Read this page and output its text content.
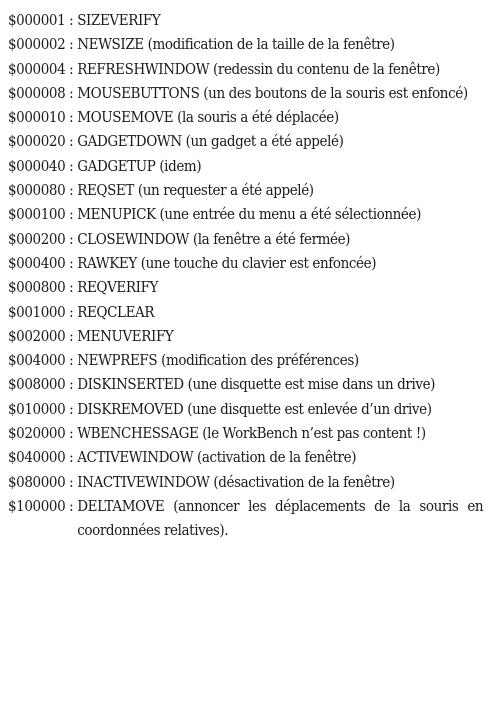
$000001 : SIZEVERIFY
$000002 : NEWSIZE (modification de la taille de la fenêtre)
$000004 : REFRESHWINDOW (redessin du contenu de la fenêtre)
$000008 : MOUSEBUTTONS (un des boutons de la souris est enfoncé)
$000010 : MOUSEMOVE (la souris a été déplacée)
$000020 : GADGETDOWN (un gadget a été appelé)
$000040 : GADGETUP (idem)
$000080 : REQSET (un requester a été appelé)
$000100 : MENUPICK (une entrée du menu a été sélectionnée)
$000200 : CLOSEWINDOW (la fenêtre a été fermée)
$000400 : RAWKEY (une touche du clavier est enfoncée)
$000800 : REQVERIFY
$001000 : REQCLEAR
$002000 : MENUVERIFY
$004000 : NEWPREFS (modification des préférences)
$008000 : DISKINSERTED (une disquette est mise dans un drive)
$010000 : DISKREMOVED (une disquette est enlevée d’un drive)
$020000 : WBENCHESSAGE (le WorkBench n’est pas content !)
$040000 : ACTIVEWINDOW (activation de la fenêtre)
$080000 : INACTIVEWINDOW (désactivation de la fenêtre)
$100000 : DELTAMOVE (annoncer les déplacements de la souris en coordonnées relatives).
